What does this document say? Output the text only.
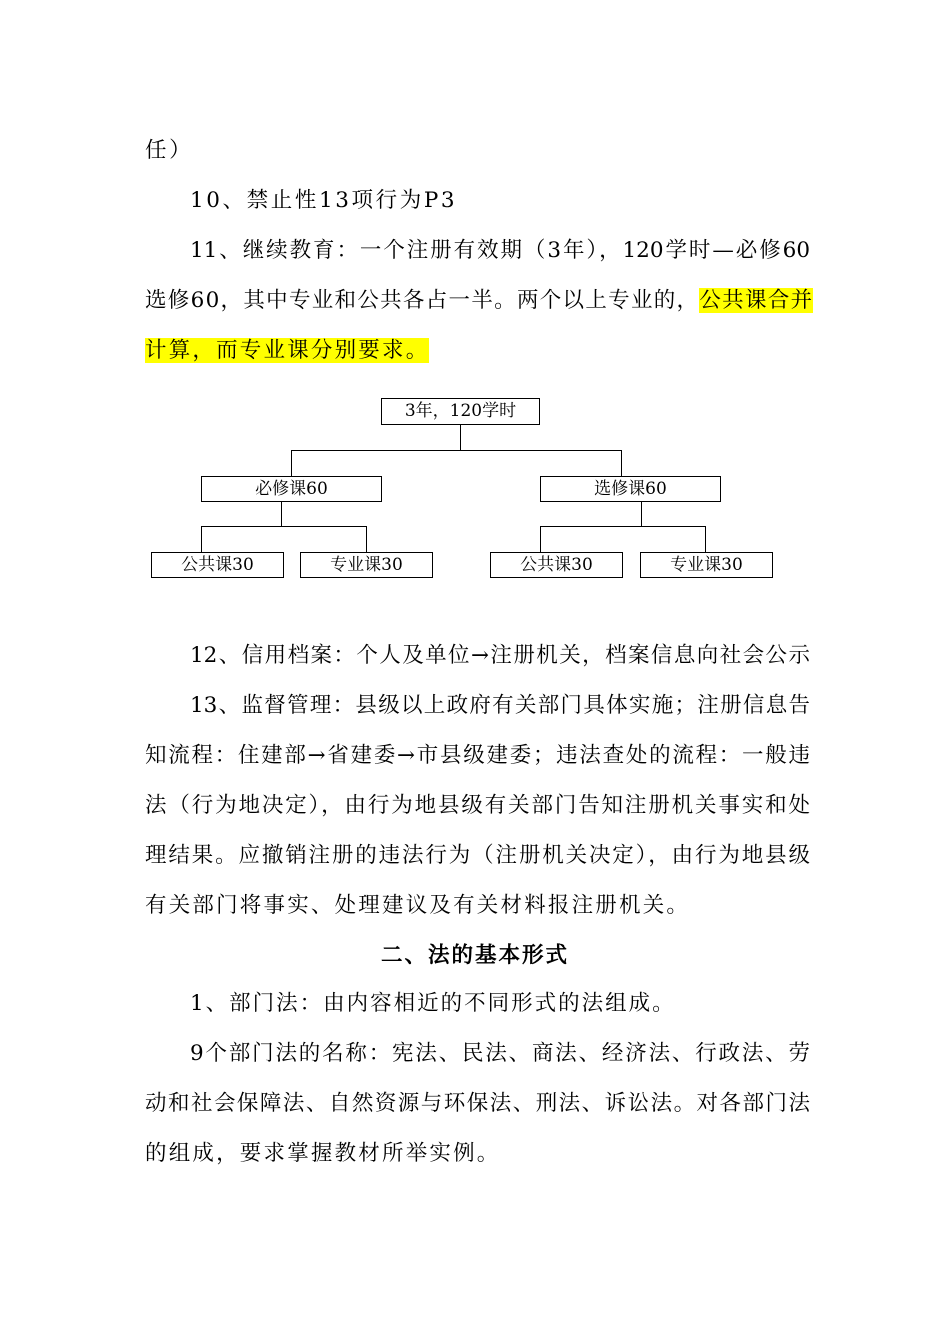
任）
10、禁止性13项行为P3
11、继续教育：一个注册有效期（3年），120学时—必修60
选修60，其中专业和公共各占一半。两个以上专业的，公共课合并
计算，而专业课分别要求。
3年，120学时
必修课60	选修课60
公共课30	专业课30	公共课30	专业课30
12、信用档案：个人及单位→注册机关，档案信息向社会公示
13、监督管理：县级以上政府有关部门具体实施；注册信息告
知流程：住建部→省建委→市县级建委；违法查处的流程：一般违
法（行为地决定），由行为地县级有关部门告知注册机关事实和处
理结果。应撤销注册的违法行为（注册机关决定），由行为地县级
有关部门将事实、处理建议及有关材料报注册机关。
二、法的基本形式
1、部门法：由内容相近的不同形式的法组成。
9个部门法的名称：宪法、民法、商法、经济法、行政法、劳
动和社会保障法、自然资源与环保法、刑法、诉讼法。对各部门法
的组成，要求掌握教材所举实例。
